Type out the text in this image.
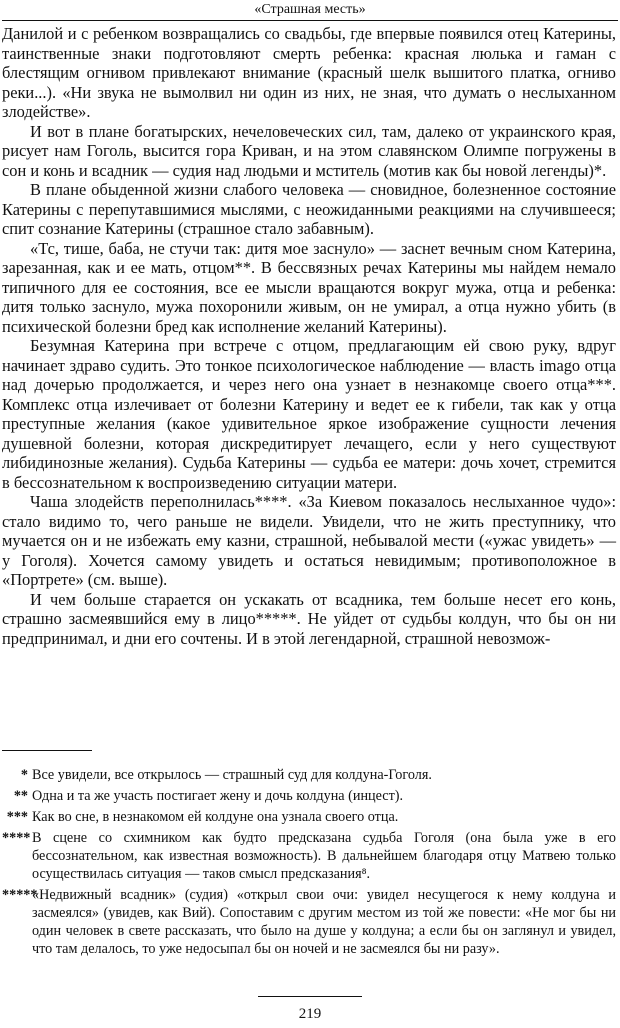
«Страшная месть»

Данилой и с ребенком возвращались со свадьбы, где впервые появился отец Катерины, таинственные знаки подготовляют смерть ребенка: красная люлька и гаман с блестящим огнивом привлекают внимание (красный шелк вышитого платка, огниво реки...). «Ни звука не вымолвил ни один из них, не зная, что думать о неслыханном злодействе».

И вот в плане богатырских, нечеловеческих сил, там, далеко от украинского края, рисует нам Гоголь, высится гора Криван, и на этом славянском Олимпе погружены в сон и конь и всадник — судия над людьми и мститель (мотив как бы новой легенды)*.

В плане обыденной жизни слабого человека — сновидное, болезненное состояние Катерины с перепутавшимися мыслями, с неожиданными реакциями на случившееся; спит сознание Катерины (страшное стало забавным).

«Тс, тише, баба, не стучи так: дитя мое заснуло» — заснет вечным сном Катерина, зарезанная, как и ее мать, отцом**. В бессвязных речах Катерины мы найдем немало типичного для ее состояния, все ее мысли вращаются вокруг мужа, отца и ребенка: дитя только заснуло, мужа похоронили живым, он не умирал, а отца нужно убить (в психической болезни бред как исполнение желаний Катерины).

Безумная Катерина при встрече с отцом, предлагающим ей свою руку, вдруг начинает здраво судить. Это тонкое психологическое наблюдение — власть imago отца над дочерью продолжается, и через него она узнает в незнакомце своего отца***. Комплекс отца излечивает от болезни Катерину и ведет ее к гибели, так как у отца преступные желания (какое удивительное яркое изображение сущности лечения душевной болезни, которая дискредитирует лечащего, если у него существуют либидинозные желания). Судьба Катерины — судьба ее матери: дочь хочет, стремится в бессознательном к воспроизведению ситуации матери.

Чаша злодейств переполнилась****. «За Киевом показалось неслыханное чудо»: стало видимо то, чего раньше не видели. Увидели, что не жить преступнику, что мучается он и не избежать ему казни, страшной, небывалой мести («ужас увидеть» — у Гоголя). Хочется самому увидеть и остаться невидимым; противоположное в «Портрете» (см. выше).

И чем больше старается он ускакать от всадника, тем больше несет его конь, страшно засмеявшийся ему в лицо*****. Не уйдет от судьбы колдун, что бы он ни предпринимал, и дни его сочтены. И в этой легендарной, страшной невозмож-

* Все увидели, все открылось — страшный суд для колдуна-Гоголя.
** Одна и та же участь постигает жену и дочь колдуна (инцест).
*** Как во сне, в незнакомом ей колдуне она узнала своего отца.
**** В сцене со схимником как будто предсказана судьба Гоголя (она была уже в его бессознательном, как известная возможность). В дальнейшем благодаря отцу Матвею только осуществилась ситуация — таков смысл предсказания⁸.
*****
«Недвижный всадник» (судия) «открыл свои очи: увидел несущегося к нему колдуна и засмеялся» (увидев, как Вий). Сопоставим с другим местом из той же повести: «Не мог бы ни один человек в свете рассказать, что было на душе у колдуна; а если бы он заглянул и увидел, что там делалось, то уже недосыпал бы он ночей и не засмеялся бы ни разу».
219
